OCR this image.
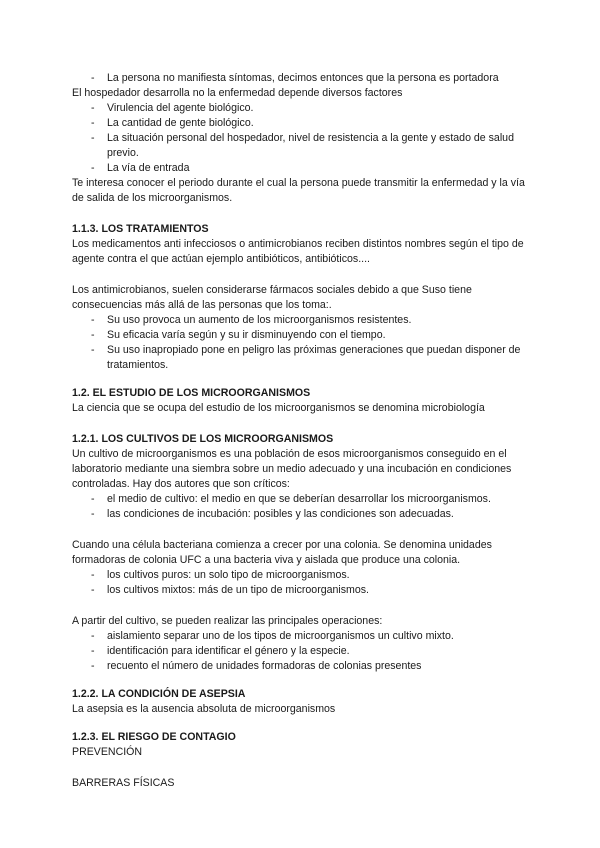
- La persona no manifiesta síntomas, decimos entonces que la persona es portadora

El hospedador desarrolla no la enfermedad depende diversos factores

- Virulencia del agente biológico.
- La cantidad de gente biológico.
- La situación personal del hospedador, nivel de resistencia a la gente y estado de salud previo.
- La vía de entrada

Te interesa conocer el periodo durante el cual la persona puede transmitir la enfermedad y la vía de salida de los microorganismos.

1.1.3. LOS TRATAMIENTOS

Los medicamentos anti infecciosos o antimicrobianos reciben distintos nombres según el tipo de agente contra el que actúan ejemplo antibióticos, antibióticos....

Los antimicrobianos, suelen considerarse fármacos sociales debido a que Suso tiene consecuencias más allá de las personas que los toma:.

- Su uso provoca un aumento de los microorganismos resistentes.
- Su eficacia varía según y su ir disminuyendo con el tiempo.
- Su uso inapropiado pone en peligro las próximas generaciones que puedan disponer de tratamientos.

1.2. EL ESTUDIO DE LOS MICROORGANISMOS

La ciencia que se ocupa del estudio de los microorganismos se denomina microbiología

1.2.1. LOS CULTIVOS DE LOS MICROORGANISMOS

Un cultivo de microorganismos es una población de esos microorganismos conseguido en el laboratorio mediante una siembra sobre un medio adecuado y una incubación en condiciones controladas. Hay dos autores que son críticos:

- el medio de cultivo: el medio en que se deberían desarrollar los microorganismos.
- las condiciones de incubación: posibles y las condiciones son adecuadas.

Cuando una célula bacteriana comienza a crecer por una colonia. Se denomina unidades formadoras de colonia UFC a una bacteria viva y aislada que produce una colonia.

- los cultivos puros: un solo tipo de microorganismos.
- los cultivos mixtos: más de un tipo de microorganismos.

A partir del cultivo, se pueden realizar las principales operaciones:

- aislamiento separar uno de los tipos de microorganismos un cultivo mixto.
- identificación para identificar el género y la especie.
- recuento el número de unidades formadoras de colonias presentes

1.2.2. LA CONDICIÓN DE ASEPSIA

La asepsia es la ausencia absoluta de microorganismos

1.2.3. EL RIESGO DE CONTAGIO

PREVENCIÓN

BARRERAS FÍSICAS
